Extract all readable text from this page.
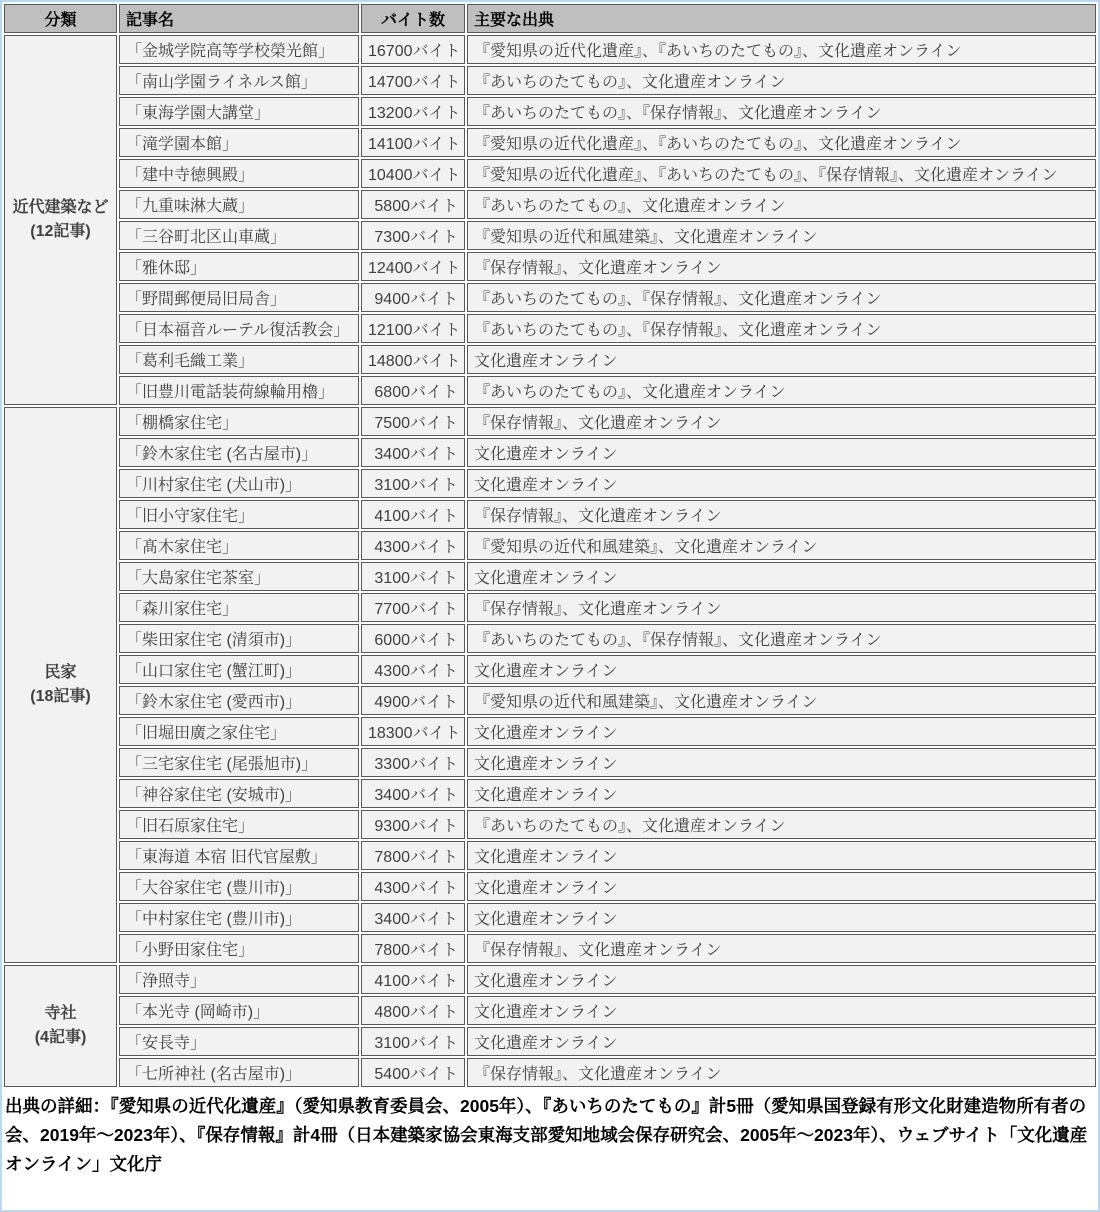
分類	記事名	バイト数	主要な出典

近代建築など
(12記事)	「金城学院高等学校榮光館」	16700バイト	『愛知県の近代化遺産』、『あいちのたてもの』、文化遺産オンライン
	「南山学園ライネルス館」	14700バイト	『あいちのたてもの』、文化遺産オンライン
	「東海学園大講堂」	13200バイト	『あいちのたてもの』、『保存情報』、文化遺産オンライン
	「滝学園本館」	14100バイト	『愛知県の近代化遺産』、『あいちのたてもの』、文化遺産オンライン
	「建中寺徳興殿」	10400バイト	『愛知県の近代化遺産』、『あいちのたてもの』、『保存情報』、文化遺産オンライン
	「九重味淋大蔵」	5800バイト	『あいちのたてもの』、文化遺産オンライン
	「三谷町北区山車蔵」	7300バイト	『愛知県の近代和風建築』、文化遺産オンライン
	「雅休邸」	12400バイト	『保存情報』、文化遺産オンライン
	「野間郵便局旧局舎」	9400バイト	『あいちのたてもの』、『保存情報』、文化遺産オンライン
	「日本福音ルーテル復活教会」	12100バイト	『あいちのたてもの』、『保存情報』、文化遺産オンライン
	「葛利毛織工業」	14800バイト	文化遺産オンライン
	「旧豊川電話装荷線輪用櫓」	6800バイト	『あいちのたてもの』、文化遺産オンライン

民家
(18記事)	「棚橋家住宅」	7500バイト	『保存情報』、文化遺産オンライン
	「鈴木家住宅 (名古屋市)」	3400バイト	文化遺産オンライン
	「川村家住宅 (犬山市)」	3100バイト	文化遺産オンライン
	「旧小守家住宅」	4100バイト	『保存情報』、文化遺産オンライン
	「髙木家住宅」	4300バイト	『愛知県の近代和風建築』、文化遺産オンライン
	「大島家住宅茶室」	3100バイト	文化遺産オンライン
	「森川家住宅」	7700バイト	『保存情報』、文化遺産オンライン
	「柴田家住宅 (清須市)」	6000バイト	『あいちのたてもの』、『保存情報』、文化遺産オンライン
	「山口家住宅 (蟹江町)」	4300バイト	文化遺産オンライン
	「鈴木家住宅 (愛西市)」	4900バイト	『愛知県の近代和風建築』、文化遺産オンライン
	「旧堀田廣之家住宅」	18300バイト	文化遺産オンライン
	「三宅家住宅 (尾張旭市)」	3300バイト	文化遺産オンライン
	「神谷家住宅 (安城市)」	3400バイト	文化遺産オンライン
	「旧石原家住宅」	9300バイト	『あいちのたてもの』、文化遺産オンライン
	「東海道 本宿 旧代官屋敷」	7800バイト	文化遺産オンライン
	「大谷家住宅 (豊川市)」	4300バイト	文化遺産オンライン
	「中村家住宅 (豊川市)」	3400バイト	文化遺産オンライン
	「小野田家住宅」	7800バイト	『保存情報』、文化遺産オンライン

寺社
(4記事)	「浄照寺」	4100バイト	文化遺産オンライン
	「本光寺 (岡崎市)」	4800バイト	文化遺産オンライン
	「安長寺」	3100バイト	文化遺産オンライン
	「七所神社 (名古屋市)」	5400バイト	『保存情報』、文化遺産オンライン
出典の詳細：『愛知県の近代化遺産』（愛知県教育委員会、2005年）、『あいちのたてもの』計5冊（愛知県国登録有形文化財建造物所有者の会、2019年～2023年）、『保存情報』計4冊（日本建築家協会東海支部愛知地域会保存研究会、2005年～2023年）、ウェブサイト「文化遺産オンライン」文化庁
